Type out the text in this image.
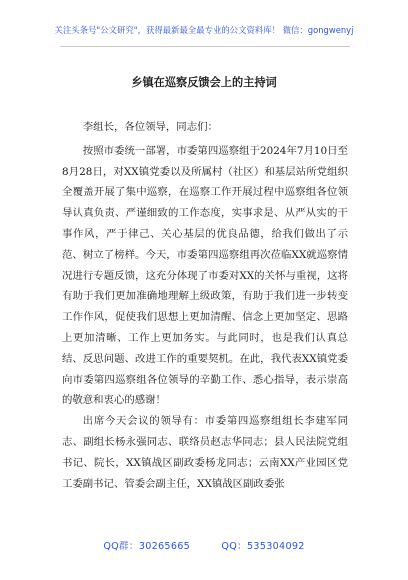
关注头条号"公文研究"，获得最新最全最专业的公文资料库！ 微信：gongwenyj
乡镇在巡察反馈会上的主持词

李组长，各位领导，同志们：

按照市委统一部署，市委第四巡察组于2024年7月10日至8月28日，对XX镇党委以及所属村（社区）和基层站所党组织全覆盖开展了集中巡察，在巡察工作开展过程中巡察组各位领导认真负责、严谨细致的工作态度，实事求是、从严从实的干事作风，严于律己、关心基层的优良品德，给我们做出了示范、树立了榜样。今天，市委第四巡察组再次莅临XX就巡察情况进行专题反馈，这充分体现了市委对XX的关怀与重视，这将有助于我们更加准确地理解上级政策，有助于我们进一步转变工作作风，促使我们思想上更加清醒、信念上更加坚定、思路上更加清晰、工作上更加务实。与此同时，也是我们认真总结、反思问题、改进工作的重要契机。在此，我代表XX镇党委向市委第四巡察组各位领导的辛勤工作、悉心指导，表示崇高的敬意和衷心的感谢！

出席今天会议的领导有：市委第四巡察组组长李建军同志、副组长杨永强同志、联络员赵志华同志；县人民法院党组书记、院长，XX镇战区副政委杨龙同志；云南XX产业园区党工委副书记、管委会副主任，XX镇战区副政委张

QQ群：30265665	QQ：535304092
